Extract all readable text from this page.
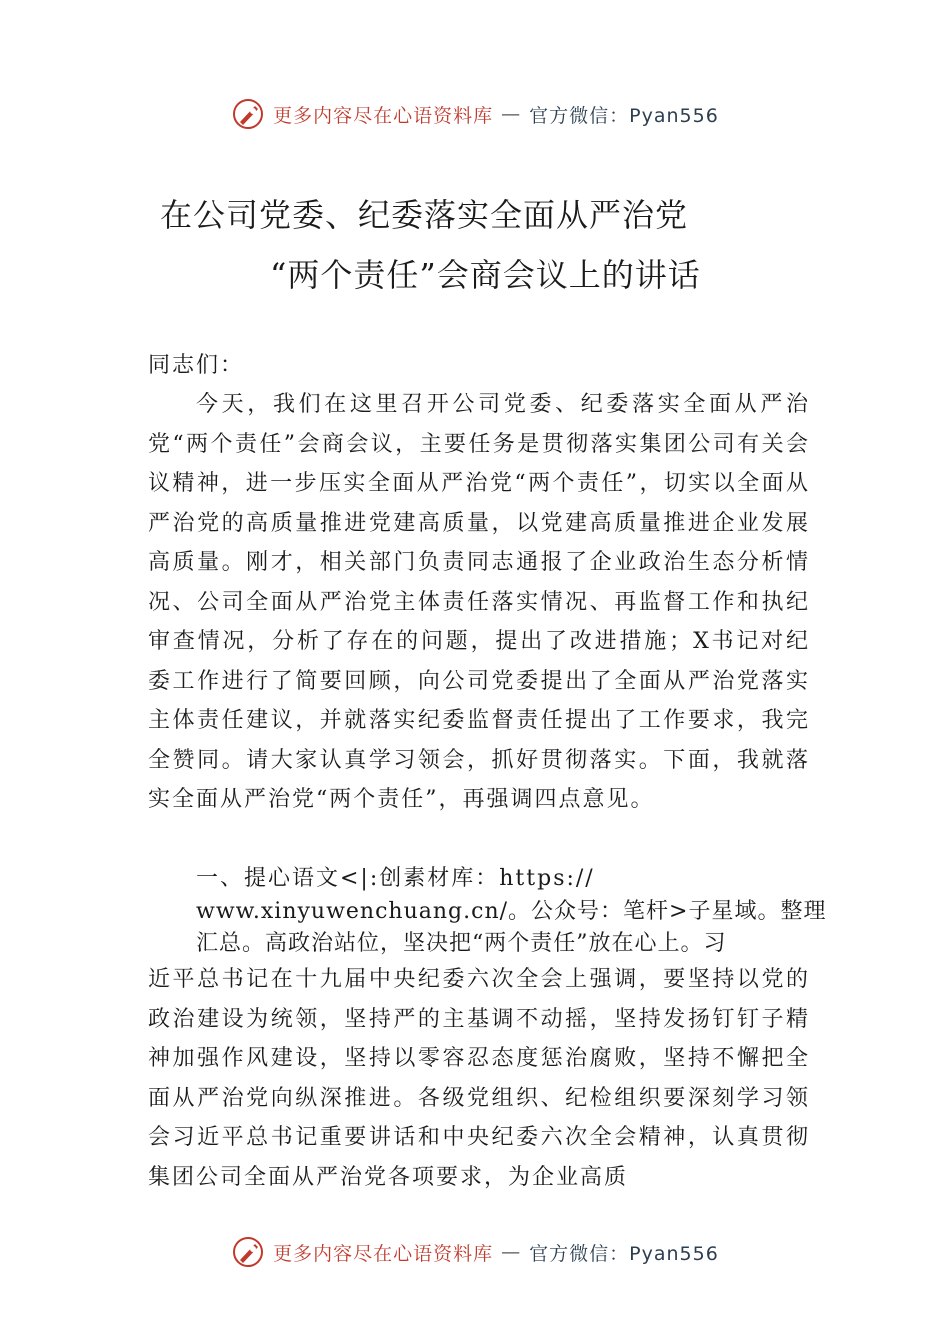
更多内容尽在心语资料库 — 官方微信：Pyan556
在公司党委、纪委落实全面从严治党
“两个责任”会商会议上的讲话
同志们：
今天，我们在这里召开公司党委、纪委落实全面从严治党“两个责任”会商会议，主要任务是贯彻落实集团公司有关会议精神，进一步压实全面从严治党“两个责任”，切实以全面从严治党的高质量推进党建高质量，以党建高质量推进企业发展高质量。刚才，相关部门负责同志通报了企业政治生态分析情况、公司全面从严治党主体责任落实情况、再监督工作和执纪审查情况，分析了存在的问题，提出了改进措施；X书记对纪委工作进行了简要回顾，向公司党委提出了全面从严治党落实主体责任建议，并就落实纪委监督责任提出了工作要求，我完全赞同。请大家认真学习领会，抓好贯彻落实。下面，我就落实全面从严治党“两个责任”，再强调四点意见。
一、提心语文<|:创素材库：https://
www.xinyuwenchuang.cn/。公众号：笔杆>子星域。整理
汇总。高政治站位，坚决把“两个责任”放在心上。习
近平总书记在十九届中央纪委六次全会上强调，要坚持以党的政治建设为统领，坚持严的主基调不动摇，坚持发扬钉钉子精神加强作风建设，坚持以零容忍态度惩治腐败，坚持不懈把全面从严治党向纵深推进。各级党组织、纪检组织要深刻学习领会习近平总书记重要讲话和中央纪委六次全会精神，认真贯彻集团公司全面从严治党各项要求，为企业高质
更多内容尽在心语资料库 — 官方微信：Pyan556
